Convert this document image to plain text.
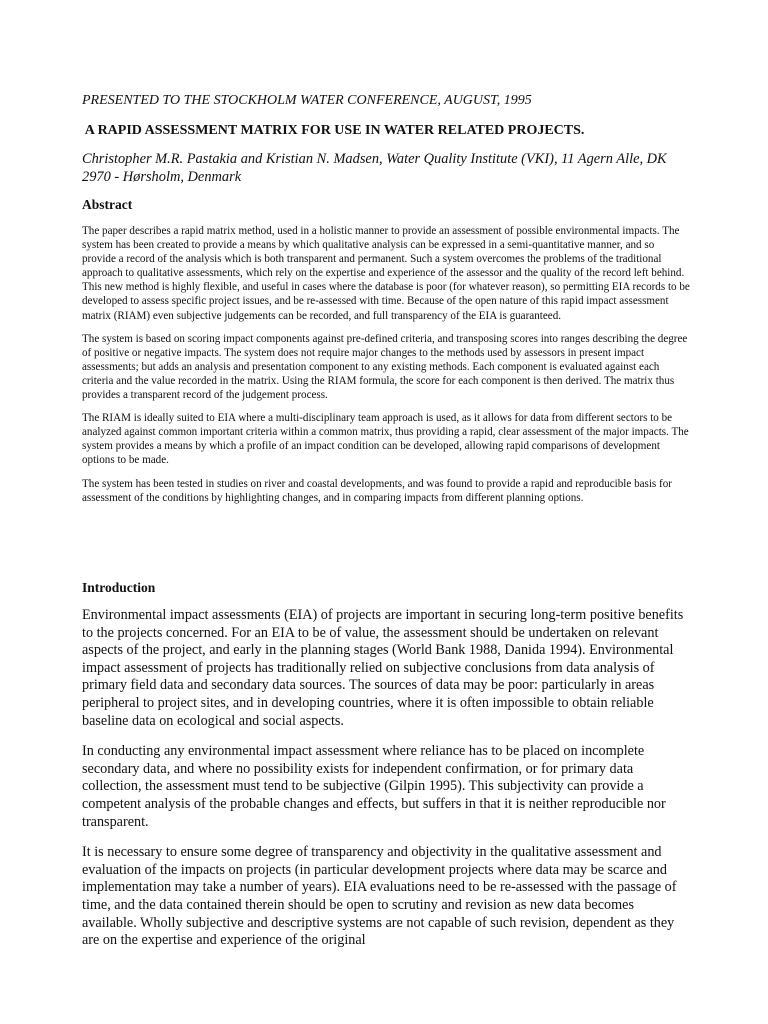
PRESENTED TO THE STOCKHOLM WATER CONFERENCE, AUGUST, 1995

A RAPID ASSESSMENT MATRIX FOR USE IN WATER RELATED PROJECTS.

Christopher M.R. Pastakia and Kristian N. Madsen, Water Quality Institute (VKI), 11 Agern Alle, DK 2970 - Hørsholm, Denmark

Abstract

The paper describes a rapid matrix method, used in a holistic manner to provide an assessment of possible environmental impacts. The system has been created to provide a means by which qualitative analysis can be expressed in a semi-quantitative manner, and so provide a record of the analysis which is both transparent and permanent. Such a system overcomes the problems of the traditional approach to qualitative assessments, which rely on the expertise and experience of the assessor and the quality of the record left behind. This new method is highly flexible, and useful in cases where the database is poor (for whatever reason), so permitting EIA records to be developed to assess specific project issues, and be re-assessed with time. Because of the open nature of this rapid impact assessment matrix (RIAM) even subjective judgements can be recorded, and full transparency of the EIA is guaranteed.

The system is based on scoring impact components against pre-defined criteria, and transposing scores into ranges describing the degree of positive or negative impacts. The system does not require major changes to the methods used by assessors in present impact assessments; but adds an analysis and presentation component to any existing methods. Each component is evaluated against each criteria and the value recorded in the matrix. Using the RIAM formula, the score for each component is then derived. The matrix thus provides a transparent record of the judgement process.

The RIAM is ideally suited to EIA where a multi-disciplinary team approach is used, as it allows for data from different sectors to be analyzed against common important criteria within a common matrix, thus providing a rapid, clear assessment of the major impacts. The system provides a means by which a profile of an impact condition can be developed, allowing rapid comparisons of development options to be made.

The system has been tested in studies on river and coastal developments, and was found to provide a rapid and reproducible basis for assessment of the conditions by highlighting changes, and in comparing impacts from different planning options.

Introduction

Environmental impact assessments (EIA) of projects are important in securing long-term positive benefits to the projects concerned. For an EIA to be of value, the assessment should be undertaken on relevant aspects of the project, and early in the planning stages (World Bank 1988, Danida 1994). Environmental impact assessment of projects has traditionally relied on subjective conclusions from data analysis of primary field data and secondary data sources. The sources of data may be poor: particularly in areas peripheral to project sites, and in developing countries, where it is often impossible to obtain reliable baseline data on ecological and social aspects.

In conducting any environmental impact assessment where reliance has to be placed on incomplete secondary data, and where no possibility exists for independent confirmation, or for primary data collection, the assessment must tend to be subjective (Gilpin 1995). This subjectivity can provide a competent analysis of the probable changes and effects, but suffers in that it is neither reproducible nor transparent.

It is necessary to ensure some degree of transparency and objectivity in the qualitative assessment and evaluation of the impacts on projects (in particular development projects where data may be scarce and implementation may take a number of years). EIA evaluations need to be re-assessed with the passage of time, and the data contained therein should be open to scrutiny and revision as new data becomes available. Wholly subjective and descriptive systems are not capable of such revision, dependent as they are on the expertise and experience of the original
